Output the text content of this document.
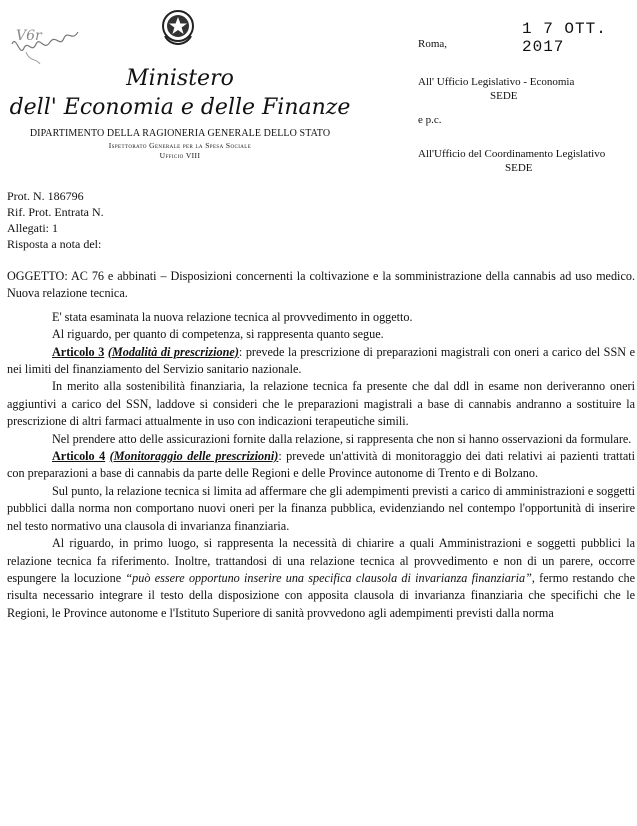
V6r
Ministero
dell' Economia e delle Finanze
DIPARTIMENTO DELLA RAGIONERIA GENERALE DELLO STATO
Ispettorato Generale per la Spesa Sociale
Ufficio VIII
1 7 OTT. 2017
Roma,
All' Ufficio Legislativo - Economia
SEDE
e p.c.
All'Ufficio del Coordinamento Legislativo
SEDE
Prot. N. 186796
Rif. Prot. Entrata N.
Allegati: 1
Risposta a nota del:

OGGETTO: AC 76 e abbinati – Disposizioni concernenti la coltivazione e la somministrazione della cannabis ad uso medico. Nuova relazione tecnica.

E' stata esaminata la nuova relazione tecnica al provvedimento in oggetto.

Al riguardo, per quanto di competenza, si rappresenta quanto segue.

Articolo 3 (Modalità di prescrizione): prevede la prescrizione di preparazioni magistrali con oneri a carico del SSN e nei limiti del finanziamento del Servizio sanitario nazionale.

In merito alla sostenibilità finanziaria, la relazione tecnica fa presente che dal ddl in esame non deriveranno oneri aggiuntivi a carico del SSN, laddove si consideri che le preparazioni magistrali a base di cannabis andranno a sostituire la prescrizione di altri farmaci attualmente in uso con indicazioni terapeutiche simili.

Nel prendere atto delle assicurazioni fornite dalla relazione, si rappresenta che non si hanno osservazioni da formulare.

Articolo 4 (Monitoraggio delle prescrizioni): prevede un'attività di monitoraggio dei dati relativi ai pazienti trattati con preparazioni a base di cannabis da parte delle Regioni e delle Province autonome di Trento e di Bolzano.

Sul punto, la relazione tecnica si limita ad affermare che gli adempimenti previsti a carico di amministrazioni e soggetti pubblici dalla norma non comportano nuovi oneri per la finanza pubblica, evidenziando nel contempo l'opportunità di inserire nel testo normativo una clausola di invarianza finanziaria.

Al riguardo, in primo luogo, si rappresenta la necessità di chiarire a quali Amministrazioni e soggetti pubblici la relazione tecnica fa riferimento. Inoltre, trattandosi di una relazione tecnica al provvedimento e non di un parere, occorre espungere la locuzione “può essere opportuno inserire una specifica clausola di invarianza finanziaria”, fermo restando che risulta necessario integrare il testo della disposizione con apposita clausola di invarianza finanziaria che specifichi che le Regioni, le Province autonome e l'Istituto Superiore di sanità provvedono agli adempimenti previsti dalla norma
